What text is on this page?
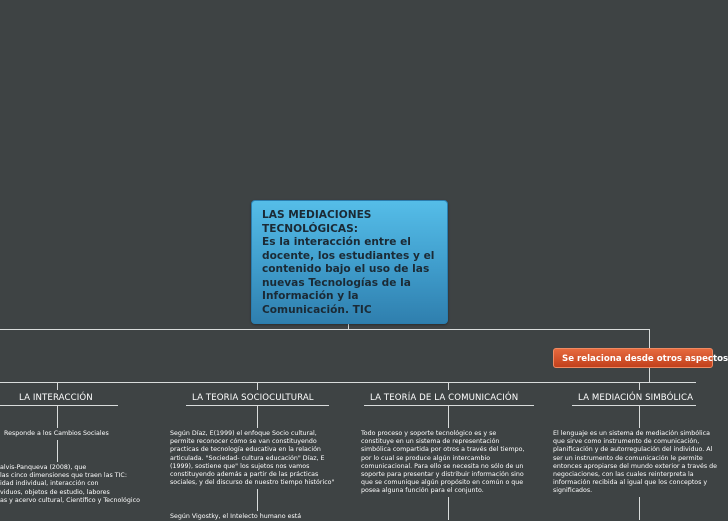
LAS MEDIACIONES TECNOLÓGICAS:
Es la interacción entre el docente, los estudiantes y el contenido bajo el uso de las nuevas Tecnologías de la Información y la Comunicación. TIC
Se relaciona desde otros aspectos
LA INTERACCIÓN	LA TEORIA SOCIOCULTURAL	LA TEORÍA DE LA COMUNICACIÓN	LA MEDIACIÓN SIMBÓLICA
Responde a los Cambios Sociales
alvis-Panqueva (2008), que
las cinco dimensiones que traen las TIC:
idad individual, interacción con
viduos, objetos de estudio, labores
as y acervo cultural, Científico y Tecnológico
Según Díaz, E(1999) el enfoque Socio cultural,
permite reconocer cómo se van constituyendo
practicas de tecnología educativa en la relación
articulada. "Sociedad- cultura educación" Díaz, E
(1999), sostiene que" los sujetos nos vamos
constituyendo además a partir de las prácticas
sociales, y del discurso de nuestro tiempo histórico"
Según Vigostky, el Intelecto humano está
Todo proceso y soporte tecnológico es y se
constituye en un sistema de representación
simbólica compartida por otros a través del tiempo,
por lo cual se produce algún intercambio
comunicacional. Para ello se necesita no sólo de un
soporte para presentar y distribuir información sino
que se comunique algún propósito en común o que
posea alguna función para el conjunto.
El lenguaje es un sistema de mediación simbólica
que sirve como instrumento de comunicación,
planificación y de autorregulación del individuo. Al
ser un instrumento de comunicación le permite
entonces apropiarse del mundo exterior a través de
negociaciones, con las cuales reinterpreta la
información recibida al igual que los conceptos y
significados.
